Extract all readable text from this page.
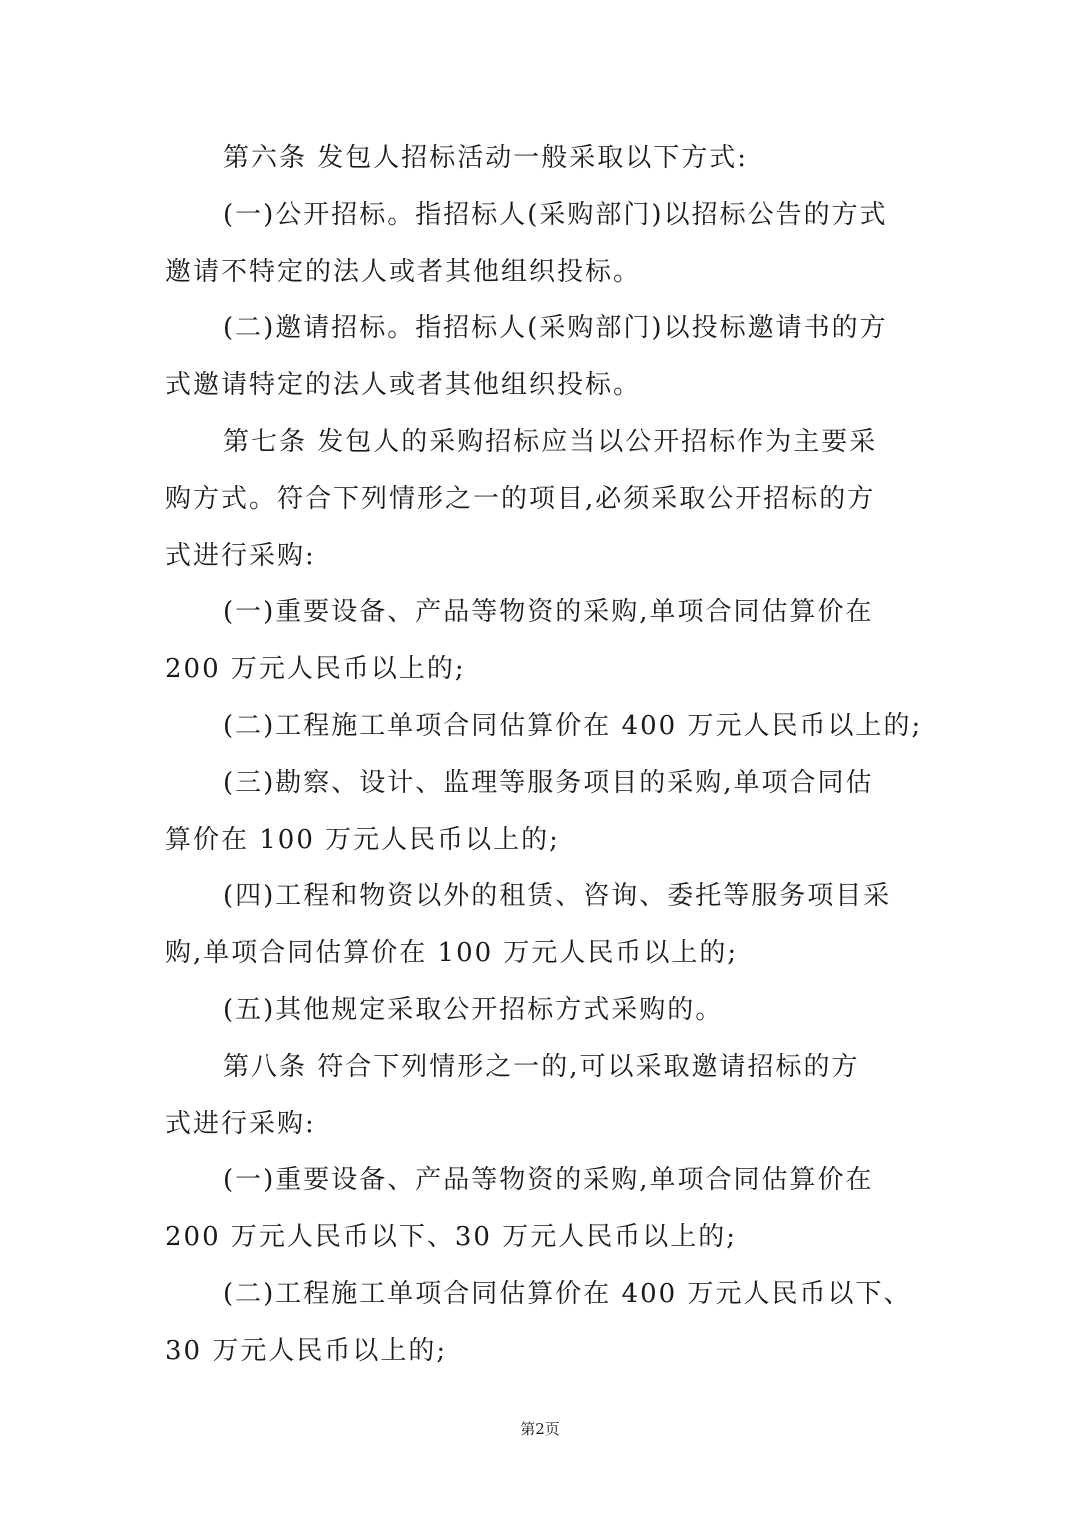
第六条 发包人招标活动一般采取以下方式:
(一)公开招标。指招标人(采购部门)以招标公告的方式
邀请不特定的法人或者其他组织投标。
(二)邀请招标。指招标人(采购部门)以投标邀请书的方
式邀请特定的法人或者其他组织投标。
第七条 发包人的采购招标应当以公开招标作为主要采
购方式。符合下列情形之一的项目,必须采取公开招标的方
式进行采购:
(一)重要设备、产品等物资的采购,单项合同估算价在
200 万元人民币以上的;
(二)工程施工单项合同估算价在 400 万元人民币以上的;
(三)勘察、设计、监理等服务项目的采购,单项合同估
算价在 100 万元人民币以上的;
(四)工程和物资以外的租赁、咨询、委托等服务项目采
购,单项合同估算价在 100 万元人民币以上的;
(五)其他规定采取公开招标方式采购的。
第八条 符合下列情形之一的,可以采取邀请招标的方
式进行采购:
(一)重要设备、产品等物资的采购,单项合同估算价在
200 万元人民币以下、30 万元人民币以上的;
(二)工程施工单项合同估算价在 400 万元人民币以下、
30 万元人民币以上的;
第2页
